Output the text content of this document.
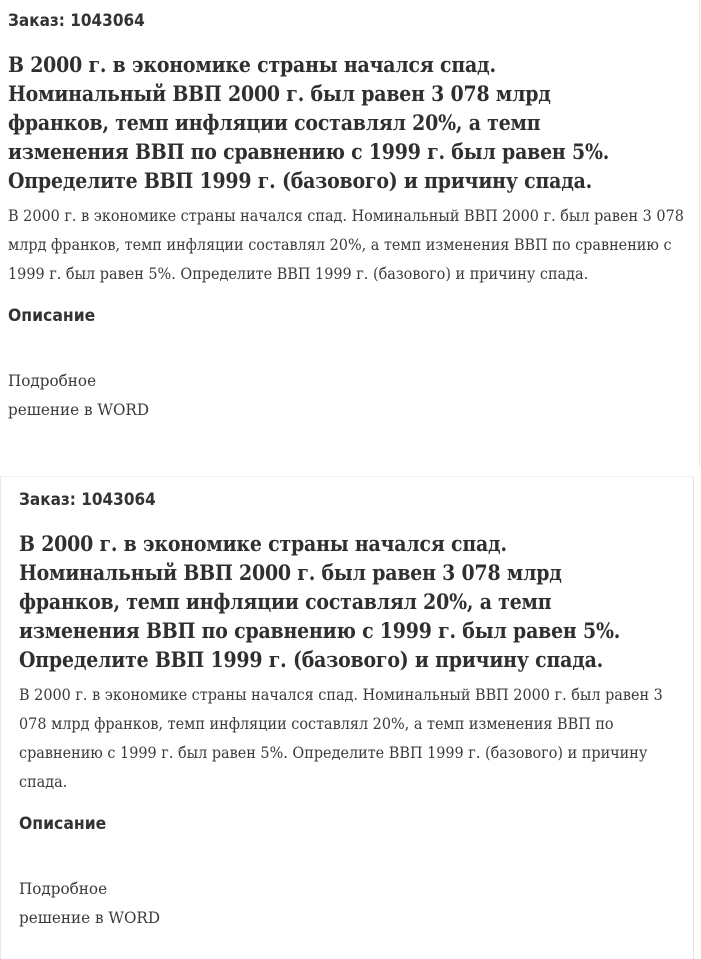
Заказ: 1043064
В 2000 г. в экономике страны начался спад. Номинальный ВВП 2000 г. был равен 3 078 млрд франков, темп инфляции составлял 20%, а темп изменения ВВП по сравнению с 1999 г. был равен 5%. Определите ВВП 1999 г. (базового) и причину спада.

В 2000 г. в экономике страны начался спад. Номинальный ВВП 2000 г. был равен 3 078 млрд франков, темп инфляции составлял 20%, а темп изменения ВВП по сравнению с 1999 г. был равен 5%. Определите ВВП 1999 г. (базового) и причину спада.

Описание
Подробное
решение в WORD
Заказ: 1043064
В 2000 г. в экономике страны начался спад. Номинальный ВВП 2000 г. был равен 3 078 млрд франков, темп инфляции составлял 20%, а темп изменения ВВП по сравнению с 1999 г. был равен 5%. Определите ВВП 1999 г. (базового) и причину спада.

В 2000 г. в экономике страны начался спад. Номинальный ВВП 2000 г. был равен 3 078 млрд франков, темп инфляции составлял 20%, а темп изменения ВВП по сравнению с 1999 г. был равен 5%. Определите ВВП 1999 г. (базового) и причину спада.

Описание
Подробное
решение в WORD
